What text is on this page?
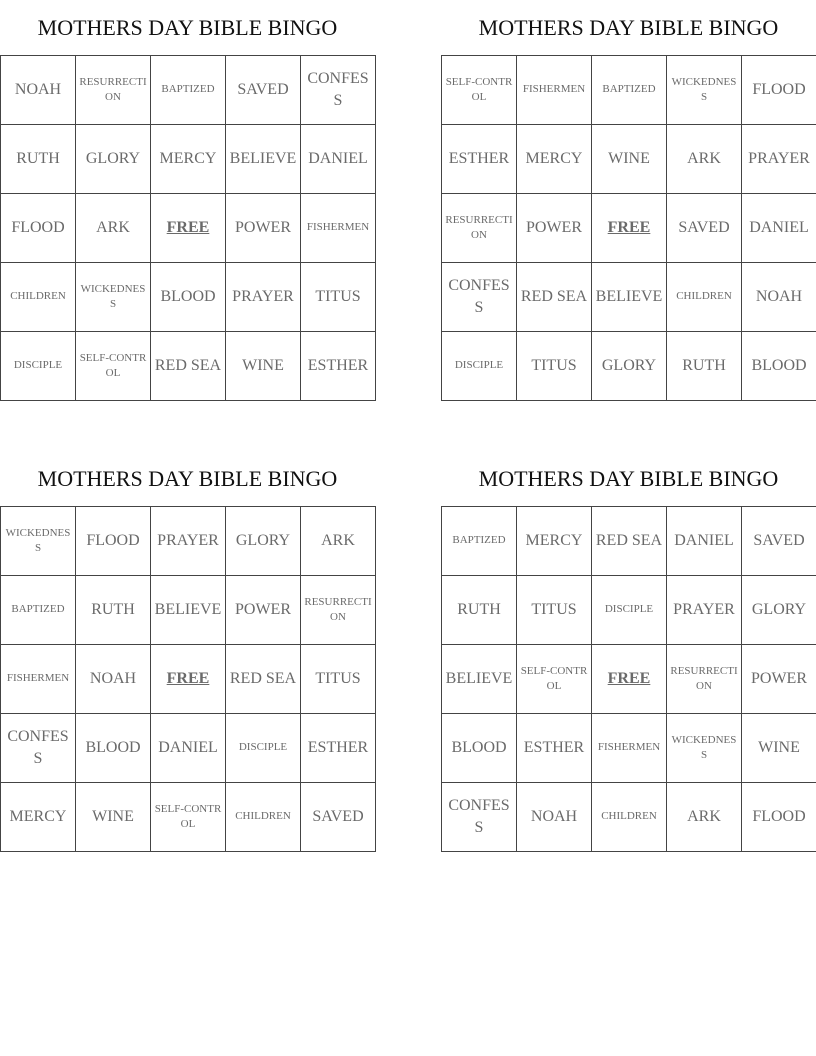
MOTHERS DAY BIBLE BINGO
NOAH	RESURRECTION	BAPTIZED	SAVED	CONFESS
RUTH	GLORY	MERCY	BELIEVE	DANIEL
FLOOD	ARK	FREE	POWER	FISHERMEN
CHILDREN	WICKEDNESS	BLOOD	PRAYER	TITUS
DISCIPLE	SELF-CONTROL	RED SEA	WINE	ESTHER
MOTHERS DAY BIBLE BINGO
SELF-CONTROL	FISHERMEN	BAPTIZED	WICKEDNESS	FLOOD
ESTHER	MERCY	WINE	ARK	PRAYER
RESURRECTION	POWER	FREE	SAVED	DANIEL
CONFESS	RED SEA	BELIEVE	CHILDREN	NOAH
DISCIPLE	TITUS	GLORY	RUTH	BLOOD
MOTHERS DAY BIBLE BINGO
WICKEDNESS	FLOOD	PRAYER	GLORY	ARK
BAPTIZED	RUTH	BELIEVE	POWER	RESURRECTION
FISHERMEN	NOAH	FREE	RED SEA	TITUS
CONFESS	BLOOD	DANIEL	DISCIPLE	ESTHER
MERCY	WINE	SELF-CONTROL	CHILDREN	SAVED
MOTHERS DAY BIBLE BINGO
BAPTIZED	MERCY	RED SEA	DANIEL	SAVED
RUTH	TITUS	DISCIPLE	PRAYER	GLORY
BELIEVE	SELF-CONTROL	FREE	RESURRECTION	POWER
BLOOD	ESTHER	FISHERMEN	WICKEDNESS	WINE
CONFESS	NOAH	CHILDREN	ARK	FLOOD
